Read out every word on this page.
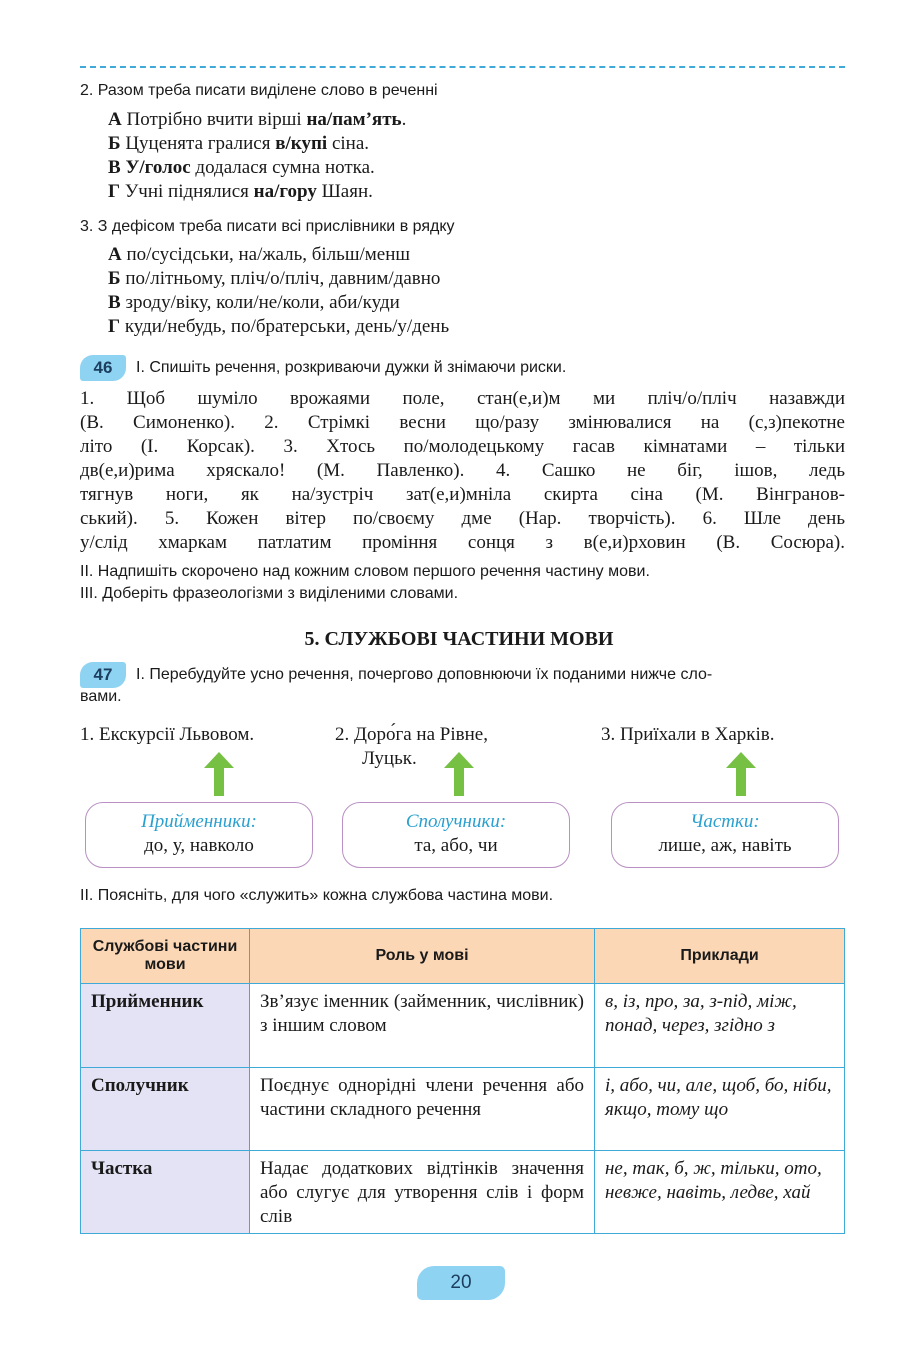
2. Разом треба писати виділене слово в реченні
А Потрібно вчити вірші на/пам’ять.
Б Цуценята гралися в/купі сіна.
В У/голос додалася сумна нотка.
Г Учні піднялися на/гору Шаян.
3. З дефісом треба писати всі прислівники в рядку
А по/сусідськи, на/жаль, більш/менш
Б по/літньому, пліч/о/пліч, давним/давно
В зроду/віку, коли/не/коли, аби/куди
Г куди/небудь, по/братерськи, день/у/день
46	І. Спишіть речення, розкриваючи дужки й знімаючи риски.
1. Щоб шуміло врожаями поле, стан(е,и)м ми пліч/о/пліч назавжди
(В. Симоненко). 2. Стрімкі весни що/разу змінювалися на (с,з)пекотне
літо (І. Корсак). 3. Хтось по/молодецькому гасав кімнатами – тільки
дв(е,и)рима хряскало! (М. Павленко). 4. Сашко не біг, ішов, ледь
тягнув ноги, як на/зустріч зат(е,и)мніла скирта сіна (М. Вінгранов-
ський). 5. Кожен вітер по/своєму дме (Нар. творчість). 6. Шле день
у/слід хмаркам патлатим проміння сонця з в(е,и)рховин (В. Сосюра).
ІІ. Надпишіть скорочено над кожним словом першого речення частину мови.
ІІІ. Доберіть фразеологізми з виділеними словами.
5. СЛУЖБОВІ ЧАСТИНИ МОВИ
47	І. Перебудуйте усно речення, почергово доповнюючи їх поданими нижче сло-
вами.
1. Екскурсії Львовом.	2. Доро́га на Рівне,
Луцьк.
3. Приїхали в Харків.
Прийменники:
до, у, навколо
Сполучники:
та, або, чи
Частки:
лише, аж, навіть
ІІ. Поясніть, для чого «служить» кожна службова частина мови.
Службові частини мови	Роль у мові	Приклади
Прийменник	Зв’язує іменник (займенник, числівник) з іншим словом	в, із, про, за, з-під, між, понад, через, згідно з
Сполучник	Поєднує однорідні члени речення або частини складного речення	і, або, чи, але, щоб, бо, ніби, якщо, тому що
Частка	Надає додаткових відтінків значення або слугує для утворення слів і форм слів	не, так, б, ж, тільки, ото, невже, навіть, ледве, хай
20
